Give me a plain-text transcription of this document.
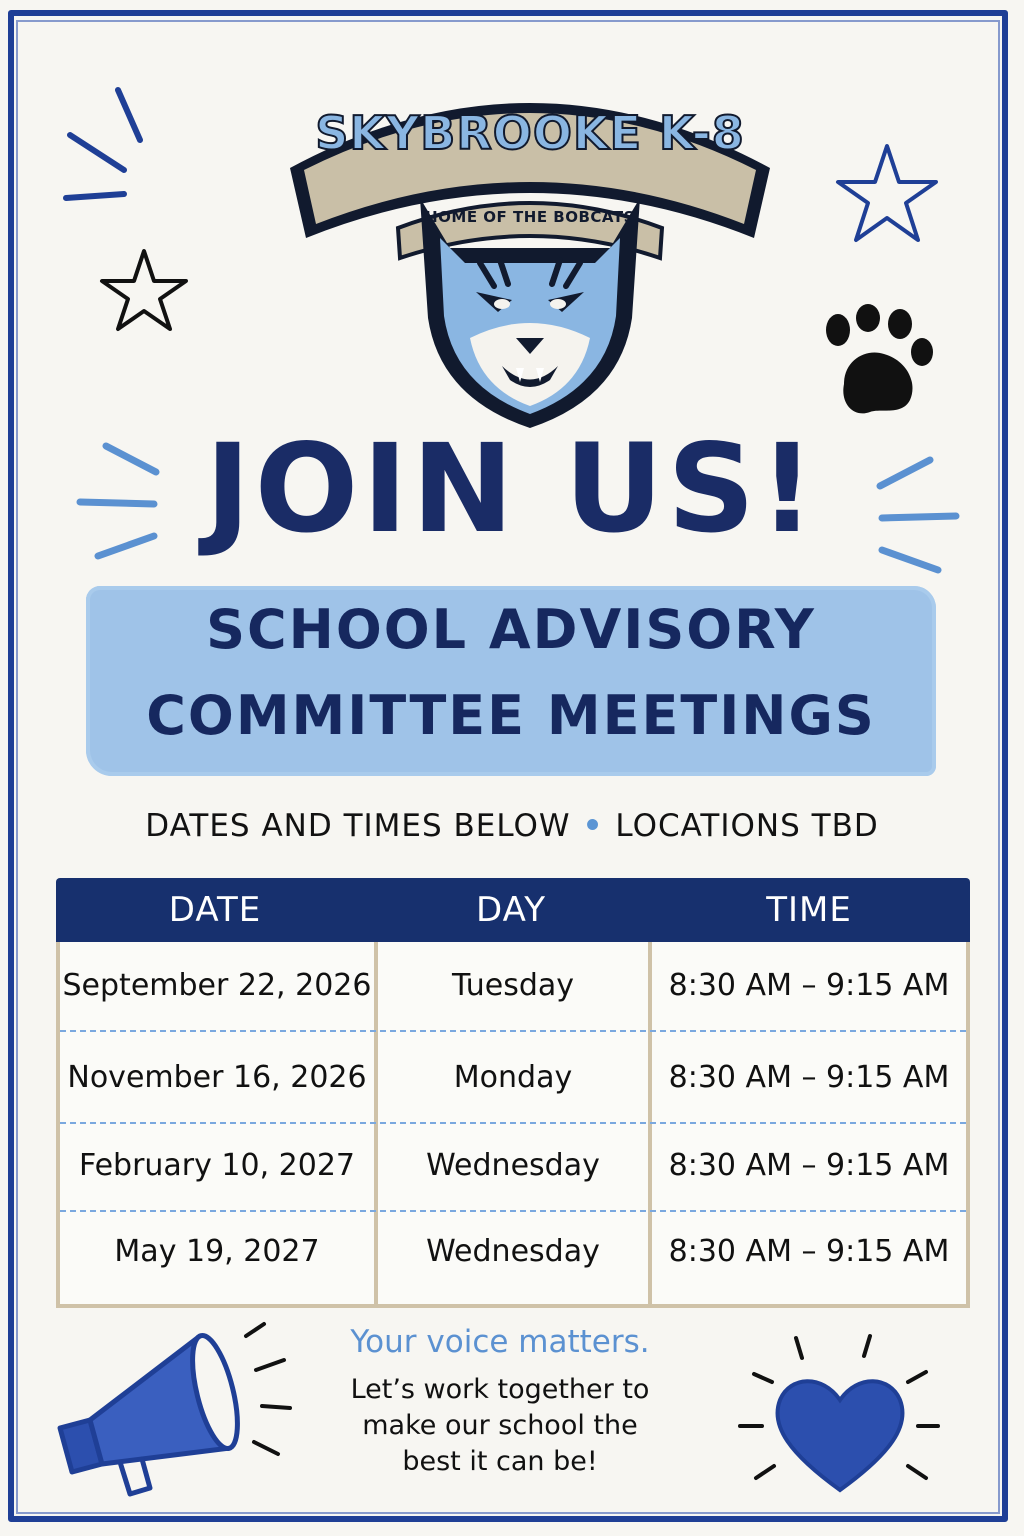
SKYBROOKE K-8
HOME OF THE BOBCATS
JOIN US!
SCHOOL ADVISORY
COMMITTEE MEETINGS
DATES AND TIMES BELOW • LOCATIONS TBD
DATE	DAY	TIME
September 22, 2026	Tuesday	8:30 AM – 9:15 AM
November 16, 2026	Monday	8:30 AM – 9:15 AM
February 10, 2027	Wednesday	8:30 AM – 9:15 AM
May 19, 2027	Wednesday	8:30 AM – 9:15 AM
Your voice matters.
Let’s work together to
make our school the
best it can be!
